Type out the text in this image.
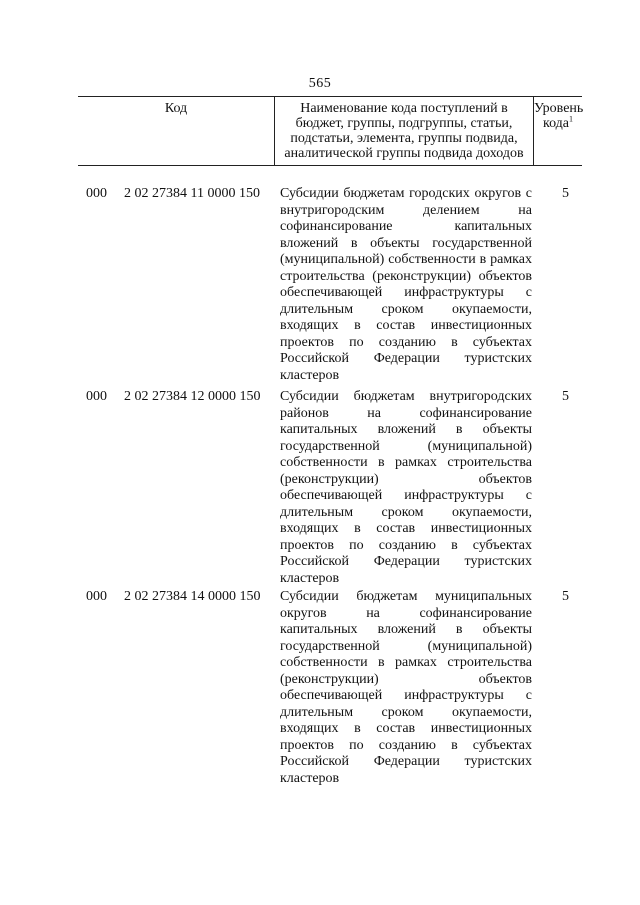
565
Код	Наименование кода поступлений в бюджет, группы, подгруппы, статьи, подстатьи, элемента, группы подвида, аналитической группы подвида доходов
Уровень кода$^1$
000 2 02 27384 11 0000 150 Субсидии бюджетам городских округов с внутригородским делением на софинансирование капитальных вложений в объекты государственной (муниципальной) собственности в рамках строительства (реконструкции) объектов обеспечивающей инфраструктуры с длительным сроком окупаемости, входящих в состав инвестиционных проектов по созданию в субъектах Российской Федерации туристских кластеров
5
000 2 02 27384 12 0000 150 Субсидии бюджетам внутригородских районов на софинансирование капитальных вложений в объекты государственной (муниципальной) собственности в рамках строительства (реконструкции) объектов обеспечивающей инфраструктуры с длительным сроком окупаемости, входящих в состав инвестиционных проектов по созданию в субъектах Российской Федерации туристских кластеров
5
000 2 02 27384 14 0000 150 Субсидии бюджетам муниципальных округов на софинансирование капитальных вложений в объекты государственной (муниципальной) собственности в рамках строительства (реконструкции) объектов обеспечивающей инфраструктуры с длительным сроком окупаемости, входящих в состав инвестиционных проектов по созданию в субъектах Российской Федерации туристских кластеров
5
